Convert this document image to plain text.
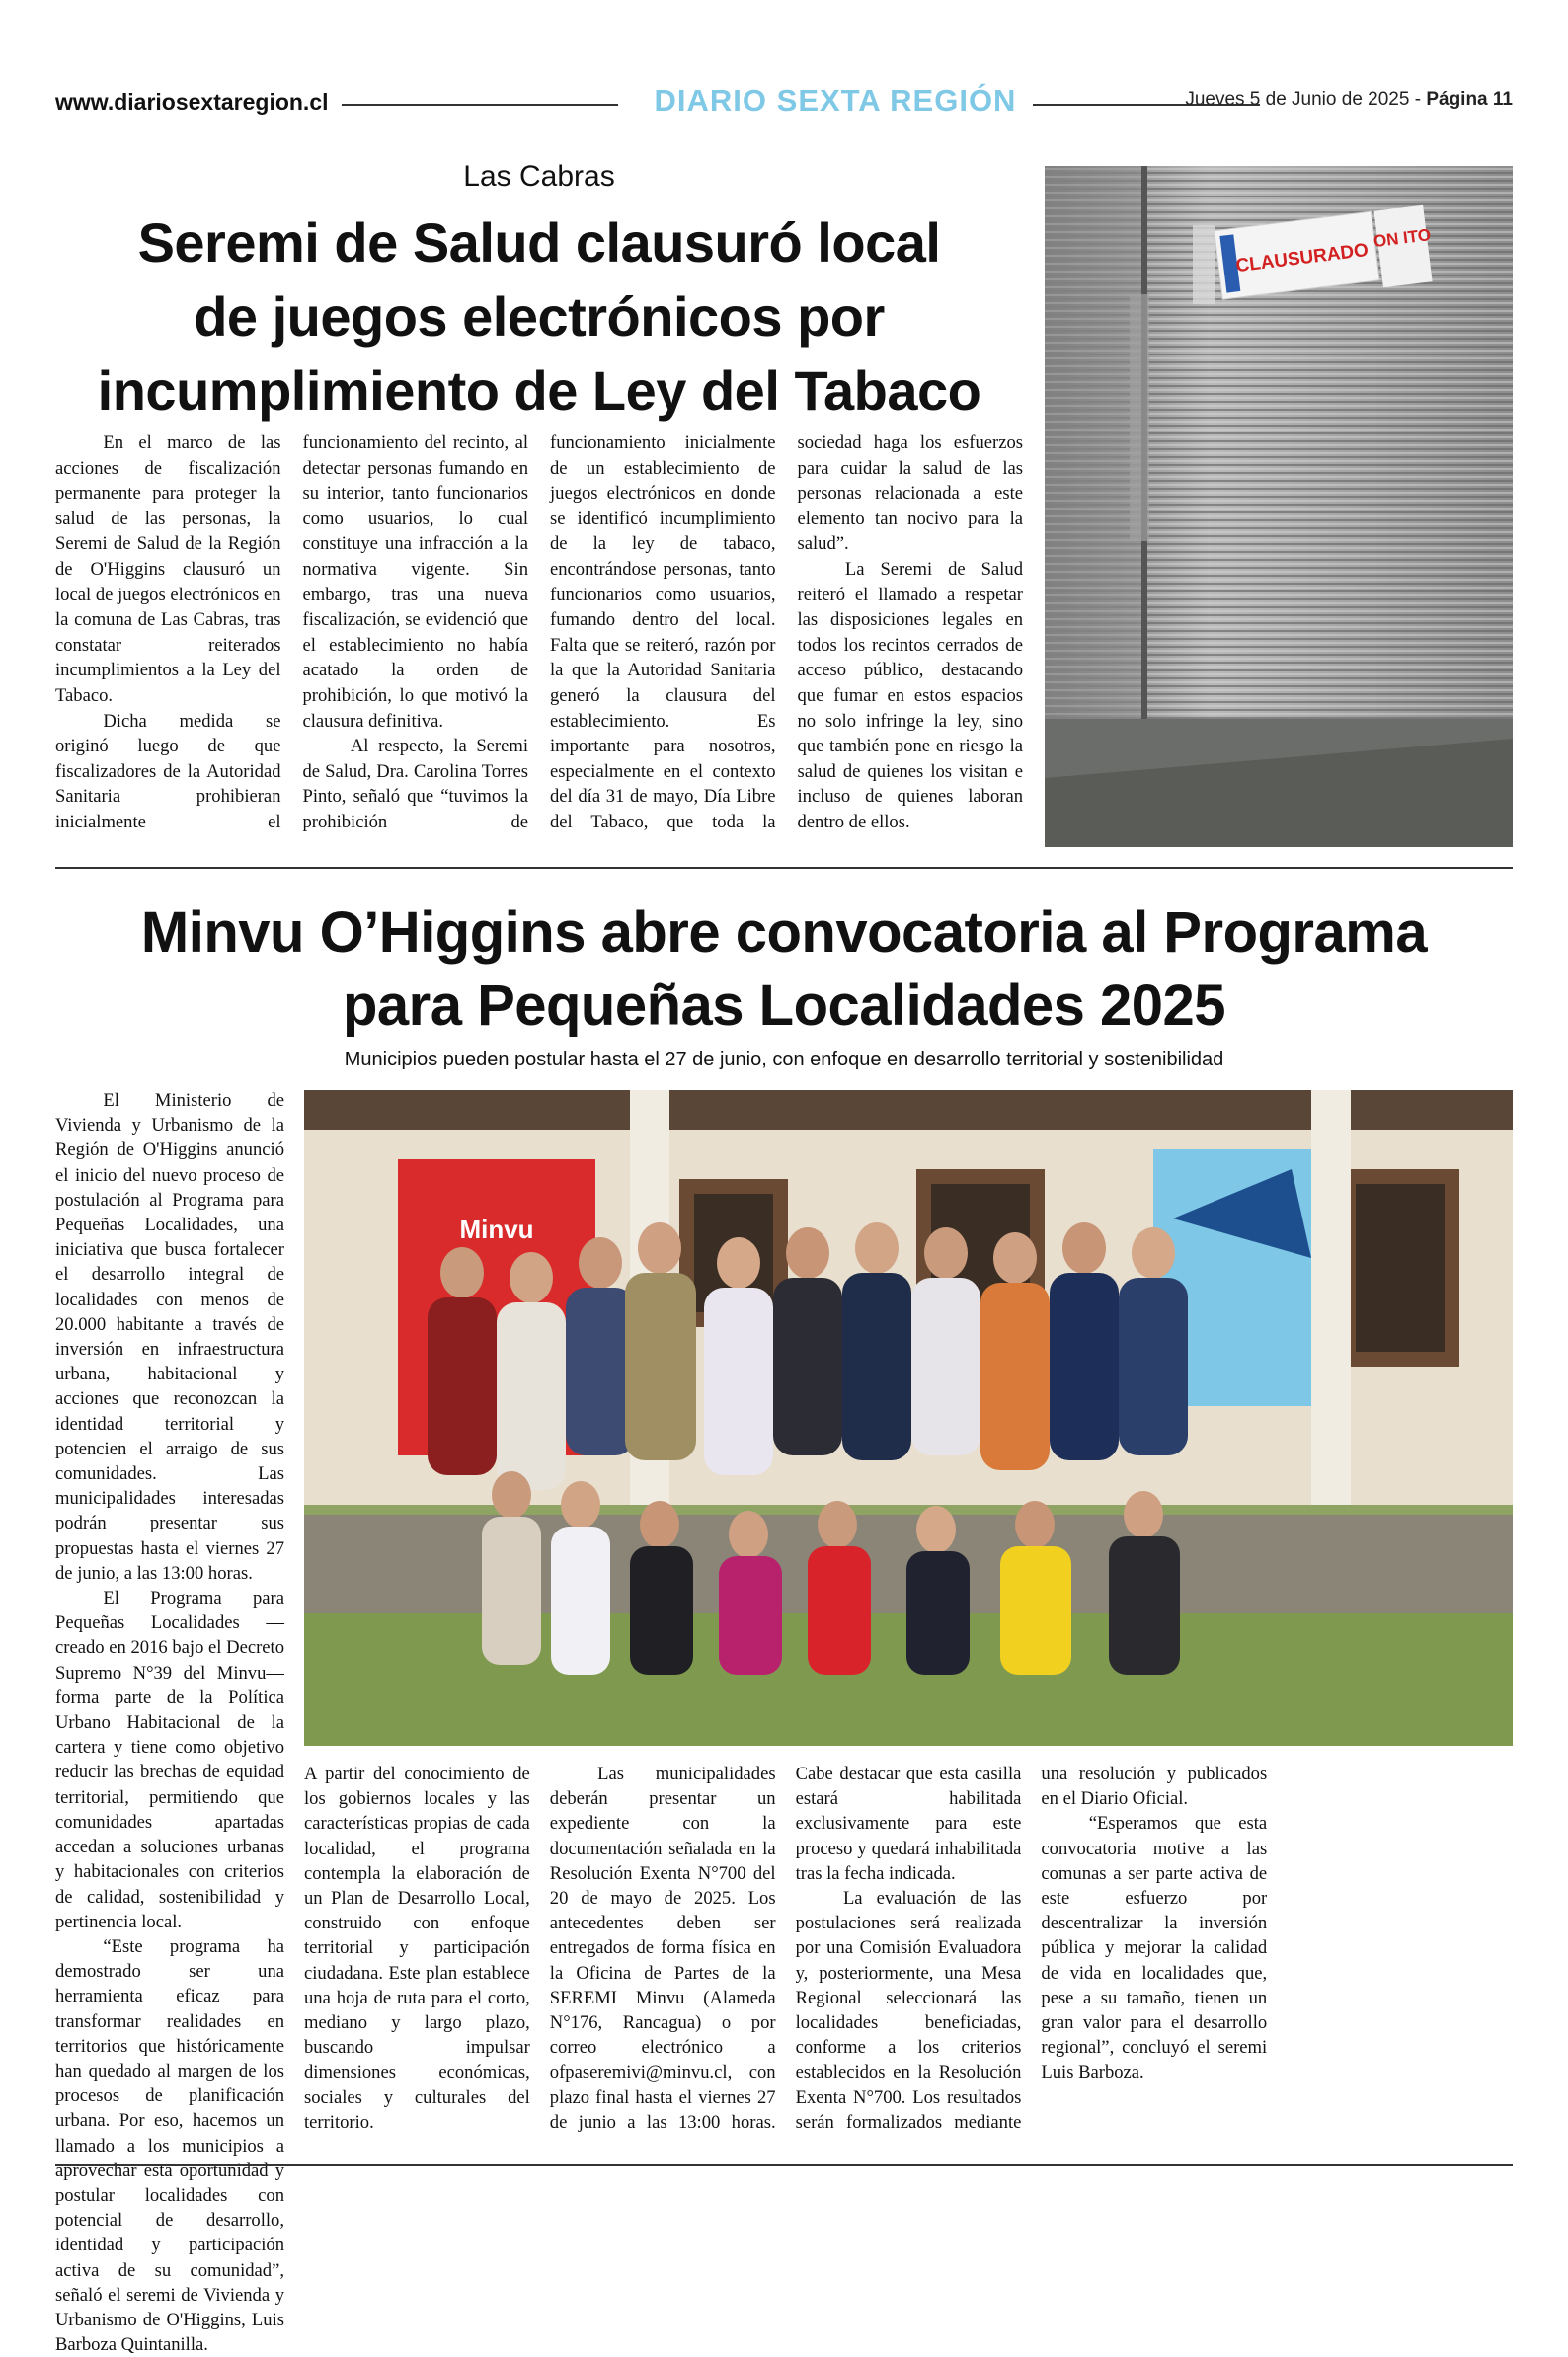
www.diariosextaregion.cl	DIARIO SEXTA REGIÓN	Jueves 5 de Junio de 2025 - Página 11
Las Cabras
Seremi de Salud clausuró local
de juegos electrónicos por
incumplimiento de Ley del Tabaco

En el marco de las acciones de fiscalización permanente para proteger la salud de las personas, la Seremi de Salud de la Región de O'Higgins clausuró un local de juegos electrónicos en la comuna de Las Cabras, tras constatar reiterados incumplimientos a la Ley del Tabaco.

Dicha medida se originó luego de que fiscalizadores de la Autoridad Sanitaria prohibieran inicialmente el funcionamiento del recinto, al detectar personas fumando en su interior, tanto funcionarios como usuarios, lo cual constituye una infracción a la normativa vigente. Sin embargo, tras una nueva fiscalización, se evidenció que el establecimiento no había acatado la orden de prohibición, lo que motivó la clausura definitiva.

Al respecto, la Seremi de Salud, Dra. Carolina Torres Pinto, señaló que “tuvimos la prohibición de funcionamiento inicialmente de un establecimiento de juegos electrónicos en donde se identificó incumplimiento de la ley de tabaco, encontrándose personas, tanto funcionarios como usuarios, fumando dentro del local. Falta que se reiteró, razón por la que la Autoridad Sanitaria generó la clausura del establecimiento. Es importante para nosotros, especialmente en el contexto del día 31 de mayo, Día Libre del Tabaco, que toda la sociedad haga los esfuerzos para cuidar la salud de las personas relacionada a este elemento tan nocivo para la salud”.

La Seremi de Salud reiteró el llamado a respetar las disposiciones legales en todos los recintos cerrados de acceso público, destacando que fumar en estos espacios no solo infringe la ley, sino que también pone en riesgo la salud de quienes los visitan e incluso de quienes laboran dentro de ellos.

CLAUSURADO
ON ITO
Minvu O’Higgins abre convocatoria al Programa
para Pequeñas Localidades 2025
Municipios pueden postular hasta el 27 de junio, con enfoque en desarrollo territorial y sostenibilidad

El Ministerio de Vivienda y Urbanismo de la Región de O'Higgins anunció el inicio del nuevo proceso de postulación al Programa para Pequeñas Localidades, una iniciativa que busca fortalecer el desarrollo integral de localidades con menos de 20.000 habitante a través de inversión en infraestructura urbana, habitacional y acciones que reconozcan la identidad territorial y potencien el arraigo de sus comunidades. Las municipalidades interesadas podrán presentar sus propuestas hasta el viernes 27 de junio, a las 13:00 horas.

El Programa para Pequeñas Localidades —creado en 2016 bajo el Decreto Supremo N°39 del Minvu— forma parte de la Política Urbano Habitacional de la cartera y tiene como objetivo reducir las brechas de equidad territorial, permitiendo que comunidades apartadas accedan a soluciones urbanas y habitacionales con criterios de calidad, sostenibilidad y pertinencia local.

“Este programa ha demostrado ser una herramienta eficaz para transformar realidades en territorios que históricamente han quedado al margen de los procesos de planificación urbana. Por eso, hacemos un llamado a los municipios a aprovechar esta oportunidad y postular localidades con potencial de desarrollo, identidad y participación activa de su comunidad”, señaló el seremi de Vivienda y Urbanismo de O'Higgins, Luis Barboza Quintanilla.

Minvu

A partir del conocimiento de los gobiernos locales y las características propias de cada localidad, el programa contempla la elaboración de un Plan de Desarrollo Local, construido con enfoque territorial y participación ciudadana. Este plan establece una hoja de ruta para el corto, mediano y largo plazo, buscando impulsar dimensiones económicas, sociales y culturales del territorio.

Las municipalidades deberán presentar un expediente con la documentación señalada en la Resolución Exenta N°700 del 20 de mayo de 2025. Los antecedentes deben ser entregados de forma física en la Oficina de Partes de la SEREMI Minvu (Alameda N°176, Rancagua) o por correo electrónico a ofpaseremivi@minvu.cl, con plazo final hasta el viernes 27 de junio a las 13:00 horas. Cabe destacar que esta casilla estará habilitada exclusivamente para este proceso y quedará inhabilitada tras la fecha indicada.

La evaluación de las postulaciones será realizada por una Comisión Evaluadora y, posteriormente, una Mesa Regional seleccionará las localidades beneficiadas, conforme a los criterios establecidos en la Resolución Exenta N°700. Los resultados serán formalizados mediante una resolución y publicados en el Diario Oficial.

“Esperamos que esta convocatoria motive a las comunas a ser parte activa de este esfuerzo por descentralizar la inversión pública y mejorar la calidad de vida en localidades que, pese a su tamaño, tienen un gran valor para el desarrollo regional”, concluyó el seremi Luis Barboza.
